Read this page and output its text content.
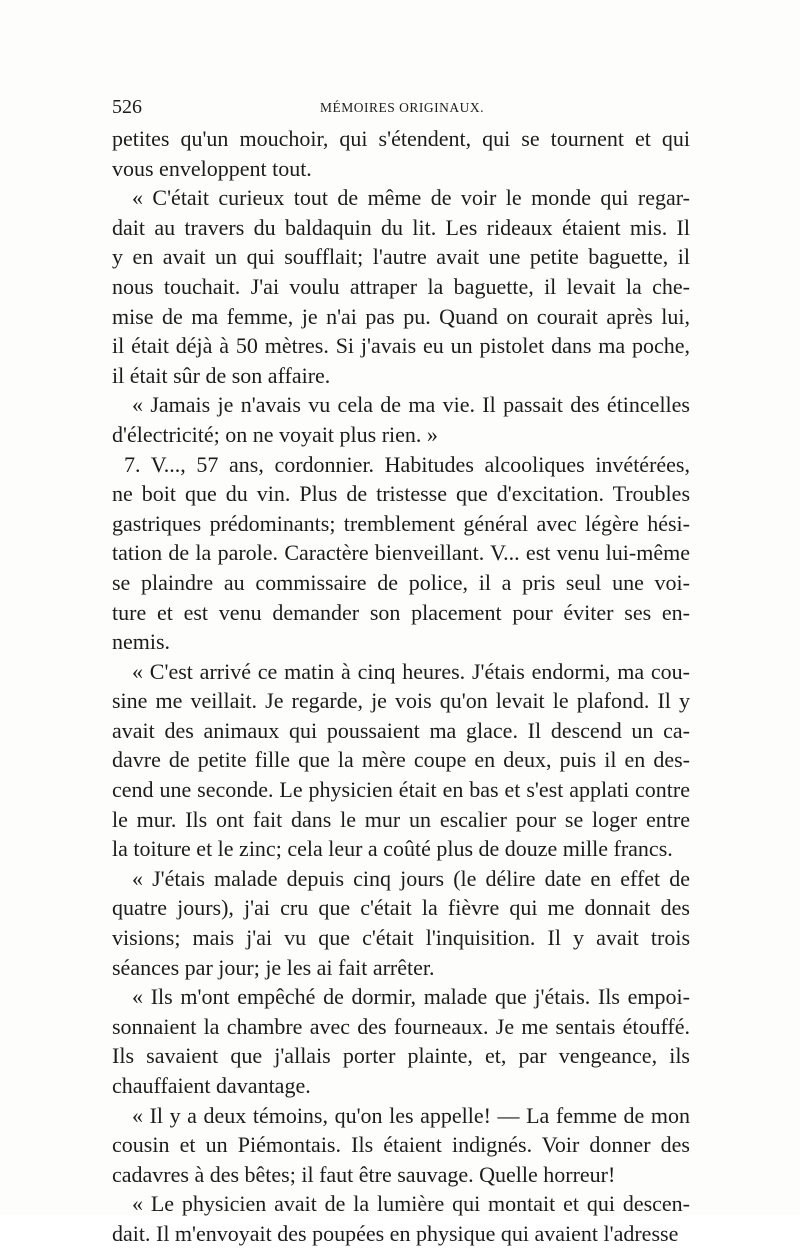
526	MÉMOIRES ORIGINAUX.

petites qu'un mouchoir, qui s'étendent, qui se tournent et qui
vous enveloppent tout.

« C'était curieux tout de même de voir le monde qui regar-
dait au travers du baldaquin du lit. Les rideaux étaient mis. Il
y en avait un qui soufflait; l'autre avait une petite baguette, il
nous touchait. J'ai voulu attraper la baguette, il levait la che-
mise de ma femme, je n'ai pas pu. Quand on courait après lui,
il était déjà à 50 mètres. Si j'avais eu un pistolet dans ma poche,
il était sûr de son affaire.

« Jamais je n'avais vu cela de ma vie. Il passait des étincelles
d'électricité; on ne voyait plus rien. »

7. V..., 57 ans, cordonnier. Habitudes alcooliques invétérées,
ne boit que du vin. Plus de tristesse que d'excitation. Troubles
gastriques prédominants; tremblement général avec légère hési-
tation de la parole. Caractère bienveillant. V... est venu lui-même
se plaindre au commissaire de police, il a pris seul une voi-
ture et est venu demander son placement pour éviter ses en-
nemis.

« C'est arrivé ce matin à cinq heures. J'étais endormi, ma cou-
sine me veillait. Je regarde, je vois qu'on levait le plafond. Il y
avait des animaux qui poussaient ma glace. Il descend un ca-
davre de petite fille que la mère coupe en deux, puis il en des-
cend une seconde. Le physicien était en bas et s'est applati contre
le mur. Ils ont fait dans le mur un escalier pour se loger entre
la toiture et le zinc; cela leur a coûté plus de douze mille francs.

« J'étais malade depuis cinq jours (le délire date en effet de
quatre jours), j'ai cru que c'était la fièvre qui me donnait des
visions; mais j'ai vu que c'était l'inquisition. Il y avait trois
séances par jour; je les ai fait arrêter.

« Ils m'ont empêché de dormir, malade que j'étais. Ils empoi-
sonnaient la chambre avec des fourneaux. Je me sentais étouffé.
Ils savaient que j'allais porter plainte, et, par vengeance, ils
chauffaient davantage.

« Il y a deux témoins, qu'on les appelle! — La femme de mon
cousin et un Piémontais. Ils étaient indignés. Voir donner des
cadavres à des bêtes; il faut être sauvage. Quelle horreur!

« Le physicien avait de la lumière qui montait et qui descen-
dait. Il m'envoyait des poupées en physique qui avaient l'adresse
